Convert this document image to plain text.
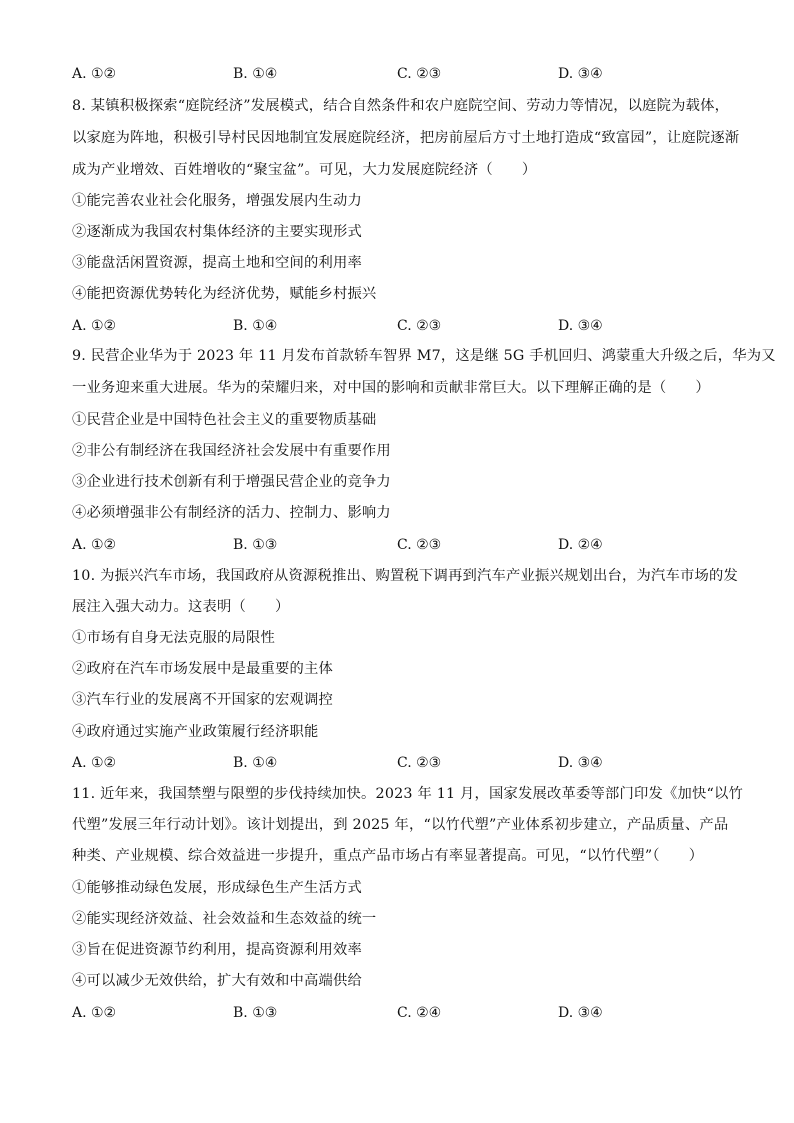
A. ①②	B. ①④	C. ②③	D. ③④
8. 某镇积极探索“庭院经济”发展模式，结合自然条件和农户庭院空间、劳动力等情况，以庭院为载体，
以家庭为阵地，积极引导村民因地制宜发展庭院经济，把房前屋后方寸土地打造成“致富园”，让庭院逐渐
成为产业增效、百姓增收的“聚宝盆”。可见，大力发展庭院经济（　　）
①能完善农业社会化服务，增强发展内生动力
②逐渐成为我国农村集体经济的主要实现形式
③能盘活闲置资源，提高土地和空间的利用率
④能把资源优势转化为经济优势，赋能乡村振兴
A. ①②	B. ①④	C. ②③	D. ③④
9. 民营企业华为于 2023 年 11 月发布首款轿车智界 M7，这是继 5G 手机回归、鸿蒙重大升级之后，华为又
一业务迎来重大进展。华为的荣耀归来，对中国的影响和贡献非常巨大。以下理解正确的是（　　）
①民营企业是中国特色社会主义的重要物质基础
②非公有制经济在我国经济社会发展中有重要作用
③企业进行技术创新有利于增强民营企业的竞争力
④必须增强非公有制经济的活力、控制力、影响力
A. ①②	B. ①③	C. ②③	D. ②④
10. 为振兴汽车市场，我国政府从资源税推出、购置税下调再到汽车产业振兴规划出台，为汽车市场的发
展注入强大动力。这表明（　　）
①市场有自身无法克服的局限性
②政府在汽车市场发展中是最重要的主体
③汽车行业的发展离不开国家的宏观调控
④政府通过实施产业政策履行经济职能
A. ①②	B. ①④	C. ②③	D. ③④
11. 近年来，我国禁塑与限塑的步伐持续加快。2023 年 11 月，国家发展改革委等部门印发《加快“以竹
代塑”发展三年行动计划》。该计划提出，到 2025 年，“以竹代塑”产业体系初步建立，产品质量、产品
种类、产业规模、综合效益进一步提升，重点产品市场占有率显著提高。可见，“以竹代塑”（　　）
①能够推动绿色发展，形成绿色生产生活方式
②能实现经济效益、社会效益和生态效益的统一
③旨在促进资源节约利用，提高资源利用效率
④可以减少无效供给，扩大有效和中高端供给
A. ①②	B. ①③	C. ②④	D. ③④
